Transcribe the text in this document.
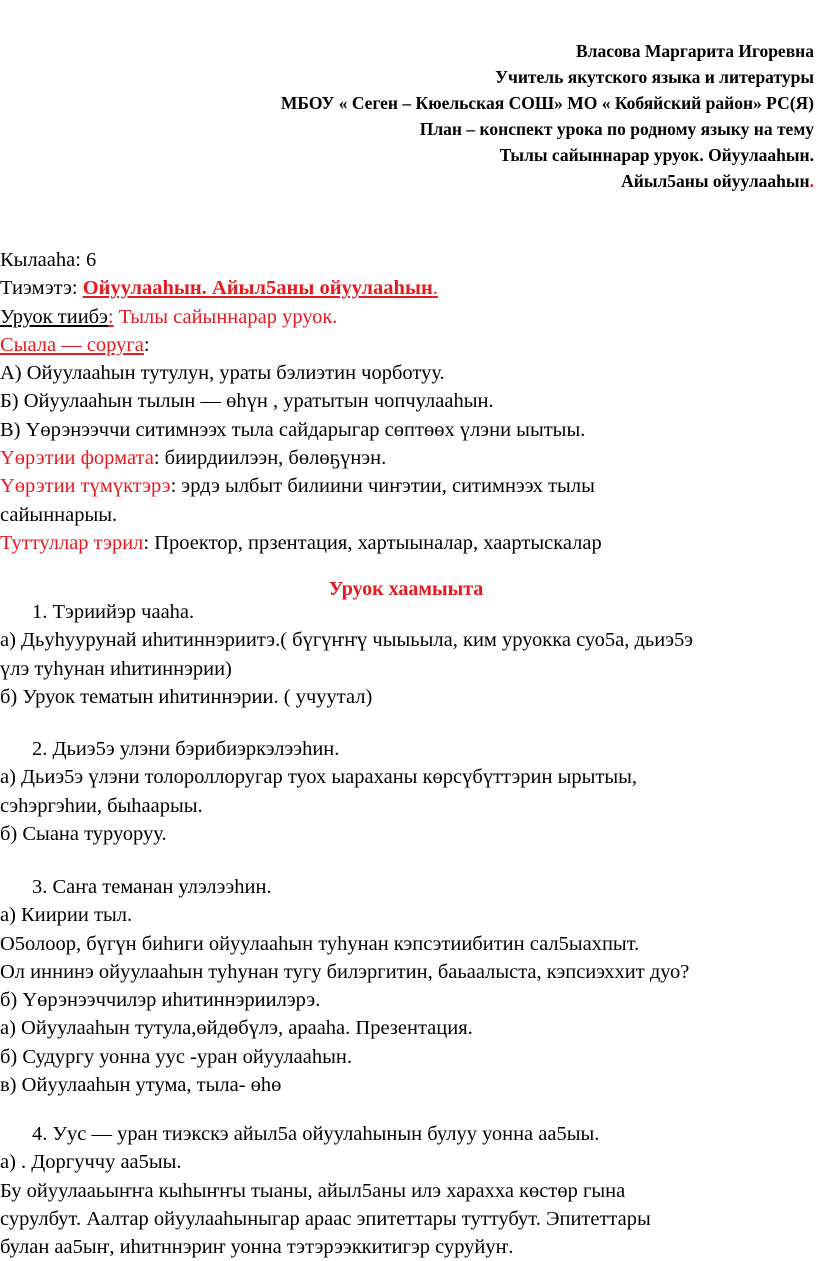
Власова Маргарита Игоревна
Учитель якутского языка и литературы
МБОУ « Сеген – Кюельская СОШ» МО « Кобяйский район» РС(Я)
План – конспект урока по родному языку на тему
Тылы сайыннарар уруок. Ойуулааһын.
Айыл5аны ойуулааһын.
Кылааһа: 6
Тиэмэтэ: Ойуулааһын. Айыл5аны ойуулааһын.
Уруок тиибэ: Тылы сайыннарар уруок.
Сыала — соруга:
А) Ойуулааһын тутулун, ураты бэлиэтин чорботуу.
Б) Ойуулааһын тылын — өһүн , уратытын чопчулааһын.
В) Үөрэнээччи ситимнээх тыла сайдарыгар сөптөөх үлэни ыытыы.
Үөрэтии формата: биирдиилээн, бөлөҕүнэн.
Үөрэтии түмүктэрэ: эрдэ ылбыт билиини чиҥэтии, ситимнээх тылы
сайыннарыы.
Туттуллар тэрил: Проектор, прзентация, хартыыналар, хаартыскалар
Уруок хаамыыта
1. Тэриийэр чааһа.
а) Дьуһуурунай иһитиннэриитэ.( бүгүҥҥү чыыьыла, ким уруокка суо5а, дьиэ5э
үлэ туһунан иһитиннэрии)
б) Уруок тематын иһитиннэрии. ( учуутал)
2. Дьиэ5э улэни бэрибиэркэлээһин.
а) Дьиэ5э үлэни толороллоругар туох ыараханы көрсүбүттэрин ырытыы,
сэһэргэһии, быһаарыы.
б) Сыана туруоруу.
3. Саҥа теманан улэлээһин.
а) Киирии тыл.
О5олоор, бүгүн биһиги ойуулааһын туһунан кэпсэтиибитин сал5ыахпыт.
Ол иннинэ ойуулааһын туһунан тугу билэргитин, баьаалыста, кэпсиэххит дуо?
б) Үөрэнээччилэр иһитиннэриилэрэ.
а) Ойуулааһын тутула,өйдөбүлэ, арааһа. Презентация.
б) Судургу уонна уус -уран ойуулааһын.
в) Ойуулааһын утума, тыла- өһө
4. Уус — уран тиэкскэ айыл5а ойуулаһынын булуу уонна аа5ыы.
а) . Доргуччу аа5ыы.
Бу ойуулааьыҥҥа кыһыҥҥы тыаны, айыл5аны илэ харахха көстөр гына
сурулбут. Аалтар ойуулааһыныгар араас эпитеттары туттубут. Эпитеттары
булан аа5ыҥ, иһитннэриҥ уонна тэтэрээккитигэр суруйуҥ.
